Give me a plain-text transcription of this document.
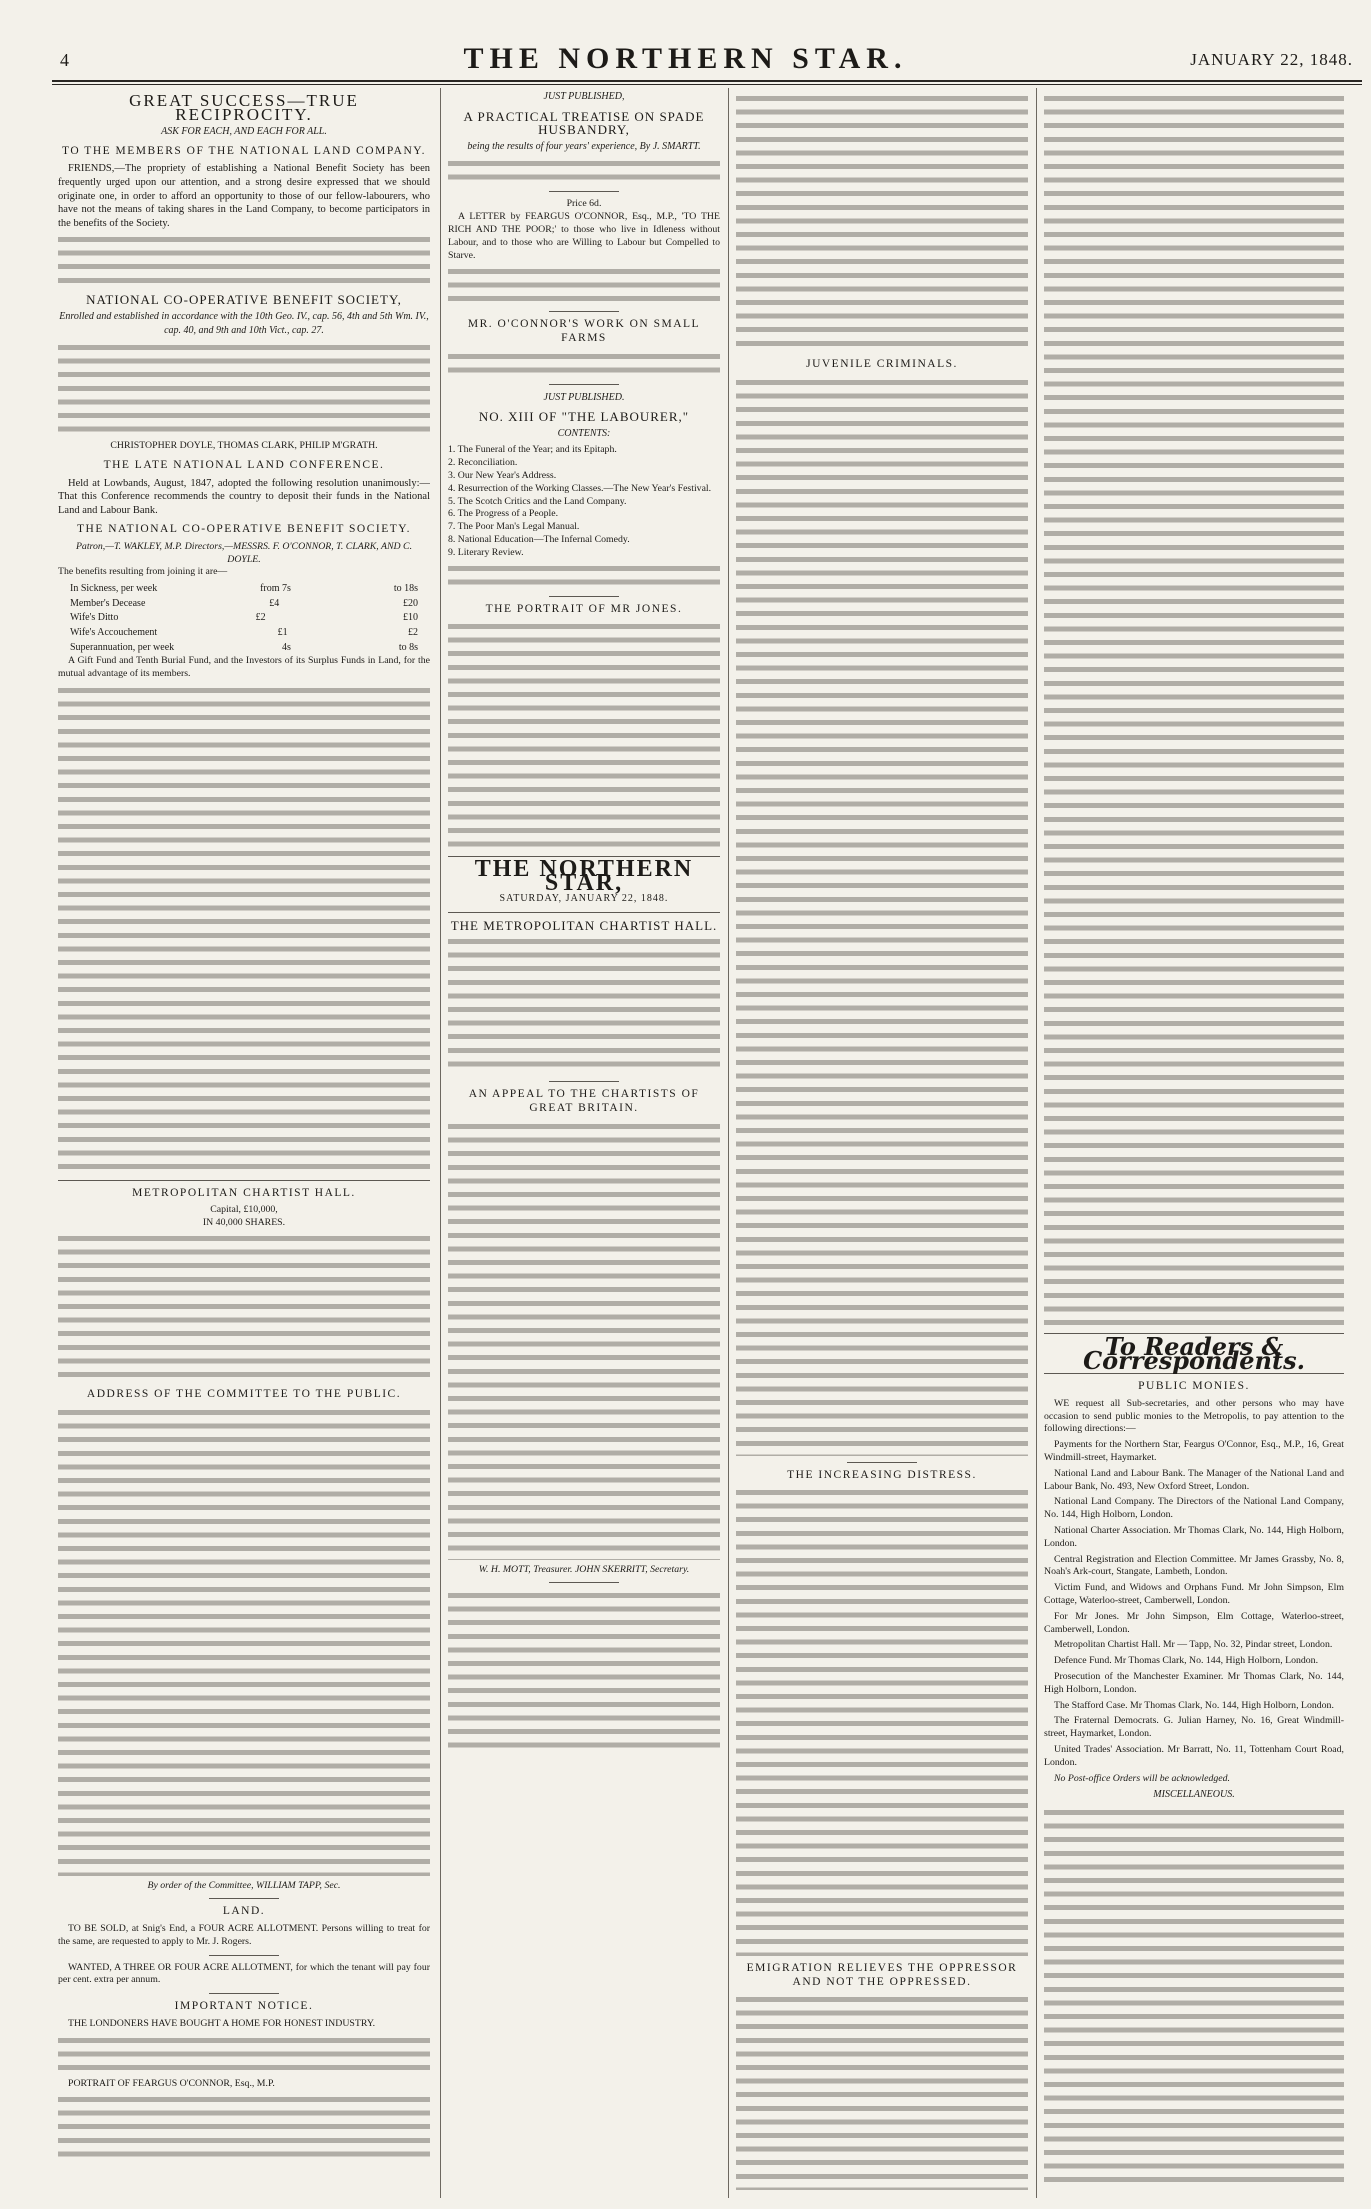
4	THE NORTHERN STAR.	JANUARY 22, 1848.
GREAT SUCCESS—TRUE RECIPROCITY.
ASK FOR EACH, AND EACH FOR ALL.
TO THE MEMBERS OF THE NATIONAL LAND COMPANY.

FRIENDS,—The propriety of establishing a National Benefit Society has been frequently urged upon our attention, and a strong desire expressed that we should originate one, in order to afford an opportunity to those of our fellow-labourers, who have not the means of taking shares in the Land Company, to become participators in the benefits of the Society.

NATIONAL CO-OPERATIVE BENEFIT SOCIETY,
Enrolled and established in accordance with the 10th Geo. IV., cap. 56, 4th and 5th Wm. IV., cap. 40, and 9th and 10th Vict., cap. 27.
CHRISTOPHER DOYLE, THOMAS CLARK, PHILIP M'GRATH.
THE LATE NATIONAL LAND CONFERENCE.

Held at Lowbands, August, 1847, adopted the following resolution unanimously:— That this Conference recommends the country to deposit their funds in the National Land and Labour Bank.

THE NATIONAL CO-OPERATIVE BENEFIT SOCIETY.
Patron,—T. WAKLEY, M.P. Directors,—MESSRS. F. O'CONNOR, T. CLARK, AND C. DOYLE.

The benefits resulting from joining it are—

In Sickness, per week	from 7s	to 18s
Member's Decease	£4	£20
Wife's Ditto	£2	£10
Wife's Accouchement	£1	£2
Superannuation, per week	4s	to 8s

A Gift Fund and Tenth Burial Fund, and the Investors of its Surplus Funds in Land, for the mutual advantage of its members.

METROPOLITAN CHARTIST HALL.
Capital, £10,000,
IN 40,000 SHARES.
ADDRESS OF THE COMMITTEE TO THE PUBLIC.
By order of the Committee, WILLIAM TAPP, Sec.
LAND.

TO BE SOLD, at Snig's End, a FOUR ACRE ALLOTMENT. Persons willing to treat for the same, are requested to apply to Mr. J. Rogers.

WANTED, A THREE OR FOUR ACRE ALLOTMENT, for which the tenant will pay four per cent. extra per annum.

IMPORTANT NOTICE.

THE LONDONERS HAVE BOUGHT A HOME FOR HONEST INDUSTRY.

PORTRAIT OF FEARGUS O'CONNOR, Esq., M.P.

JUST PUBLISHED,
A PRACTICAL TREATISE ON SPADE HUSBANDRY,
being the results of four years' experience, By J. SMARTT.
Price 6d.

A LETTER by FEARGUS O'CONNOR, Esq., M.P., 'TO THE RICH AND THE POOR;' to those who live in Idleness without Labour, and to those who are Willing to Labour but Compelled to Starve.

MR. O'CONNOR'S WORK ON SMALL FARMS
JUST PUBLISHED.
NO. XIII OF "THE LABOURER,"
CONTENTS:
1. The Funeral of the Year; and its Epitaph.
2. Reconciliation.
3. Our New Year's Address.
4. Resurrection of the Working Classes.—The New Year's Festival.
5. The Scotch Critics and the Land Company.
6. The Progress of a People.
7. The Poor Man's Legal Manual.
8. National Education—The Infernal Comedy.
9. Literary Review.
THE PORTRAIT OF MR JONES.
THE NORTHERN STAR,
SATURDAY, JANUARY 22, 1848.
THE METROPOLITAN CHARTIST HALL.
AN APPEAL TO THE CHARTISTS OF GREAT BRITAIN.
W. H. MOTT, Treasurer. JOHN SKERRITT, Secretary.
JUVENILE CRIMINALS.
THE INCREASING DISTRESS.
EMIGRATION RELIEVES THE OPPRESSOR AND NOT THE OPPRESSED.
To Readers & Correspondents.
PUBLIC MONIES.

WE request all Sub-secretaries, and other persons who may have occasion to send public monies to the Metropolis, to pay attention to the following directions:—

Payments for the Northern Star, Feargus O'Connor, Esq., M.P., 16, Great Windmill-street, Haymarket.

National Land and Labour Bank. The Manager of the National Land and Labour Bank, No. 493, New Oxford Street, London.

National Land Company. The Directors of the National Land Company, No. 144, High Holborn, London.

National Charter Association. Mr Thomas Clark, No. 144, High Holborn, London.

Central Registration and Election Committee. Mr James Grassby, No. 8, Noah's Ark-court, Stangate, Lambeth, London.

Victim Fund, and Widows and Orphans Fund. Mr John Simpson, Elm Cottage, Waterloo-street, Camberwell, London.

For Mr Jones. Mr John Simpson, Elm Cottage, Waterloo-street, Camberwell, London.

Metropolitan Chartist Hall. Mr — Tapp, No. 32, Pindar street, London.

Defence Fund. Mr Thomas Clark, No. 144, High Holborn, London.

Prosecution of the Manchester Examiner. Mr Thomas Clark, No. 144, High Holborn, London.

The Stafford Case. Mr Thomas Clark, No. 144, High Holborn, London.

The Fraternal Democrats. G. Julian Harney, No. 16, Great Windmill-street, Haymarket, London.

United Trades' Association. Mr Barratt, No. 11, Tottenham Court Road, London.

No Post-office Orders will be acknowledged.

MISCELLANEOUS.
